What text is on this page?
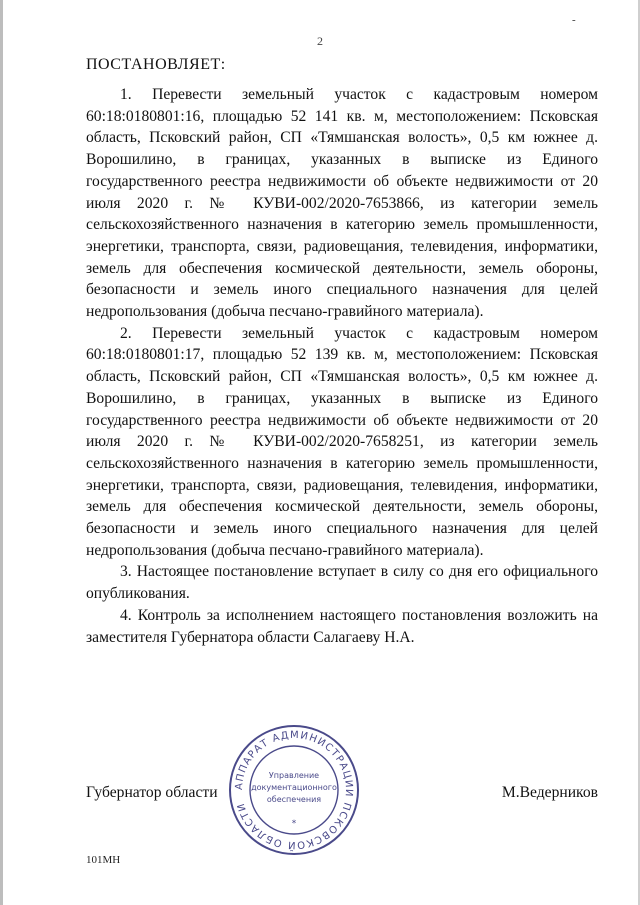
-
2
ПОСТАНОВЛЯЕТ:

1. Перевести земельный участок с кадастровым номером 60:18:0180801:16, площадью 52 141 кв. м, местоположением: Псковская область, Псковский район, СП «Тямшанская волость», 0,5 км южнее д. Ворошилино, в границах, указанных в выписке из Единого государственного реестра недвижимости об объекте недвижимости от 20 июля 2020 г. № КУВИ-002/2020-7653866, из категории земель сельскохозяйственного назначения в категорию земель промышленности, энергетики, транспорта, связи, радиовещания, телевидения, информатики, земель для обеспечения космической деятельности, земель обороны, безопасности и земель иного специального назначения для целей недропользования (добыча песчано-гравийного материала).

2. Перевести земельный участок с кадастровым номером 60:18:0180801:17, площадью 52 139 кв. м, местоположением: Псковская область, Псковский район, СП «Тямшанская волость», 0,5 км южнее д. Ворошилино, в границах, указанных в выписке из Единого государственного реестра недвижимости об объекте недвижимости от 20 июля 2020 г. № КУВИ-002/2020-7658251, из категории земель сельскохозяйственного назначения в категорию земель промышленности, энергетики, транспорта, связи, радиовещания, телевидения, информатики, земель для обеспечения космической деятельности, земель обороны, безопасности и земель иного специального назначения для целей недропользования (добыча песчано-гравийного материала).

3. Настоящее постановление вступает в силу со дня его официального опубликования.

4. Контроль за исполнением настоящего постановления возложить на заместителя Губернатора области Салагаеву Н.А.

Губернатор области	М.Ведерников
АППАРАТ АДМИНИСТРАЦИИ ПСКОВСКОЙ ОБЛАСТИ
Управление
документационного
обеспечения
*
101МН
